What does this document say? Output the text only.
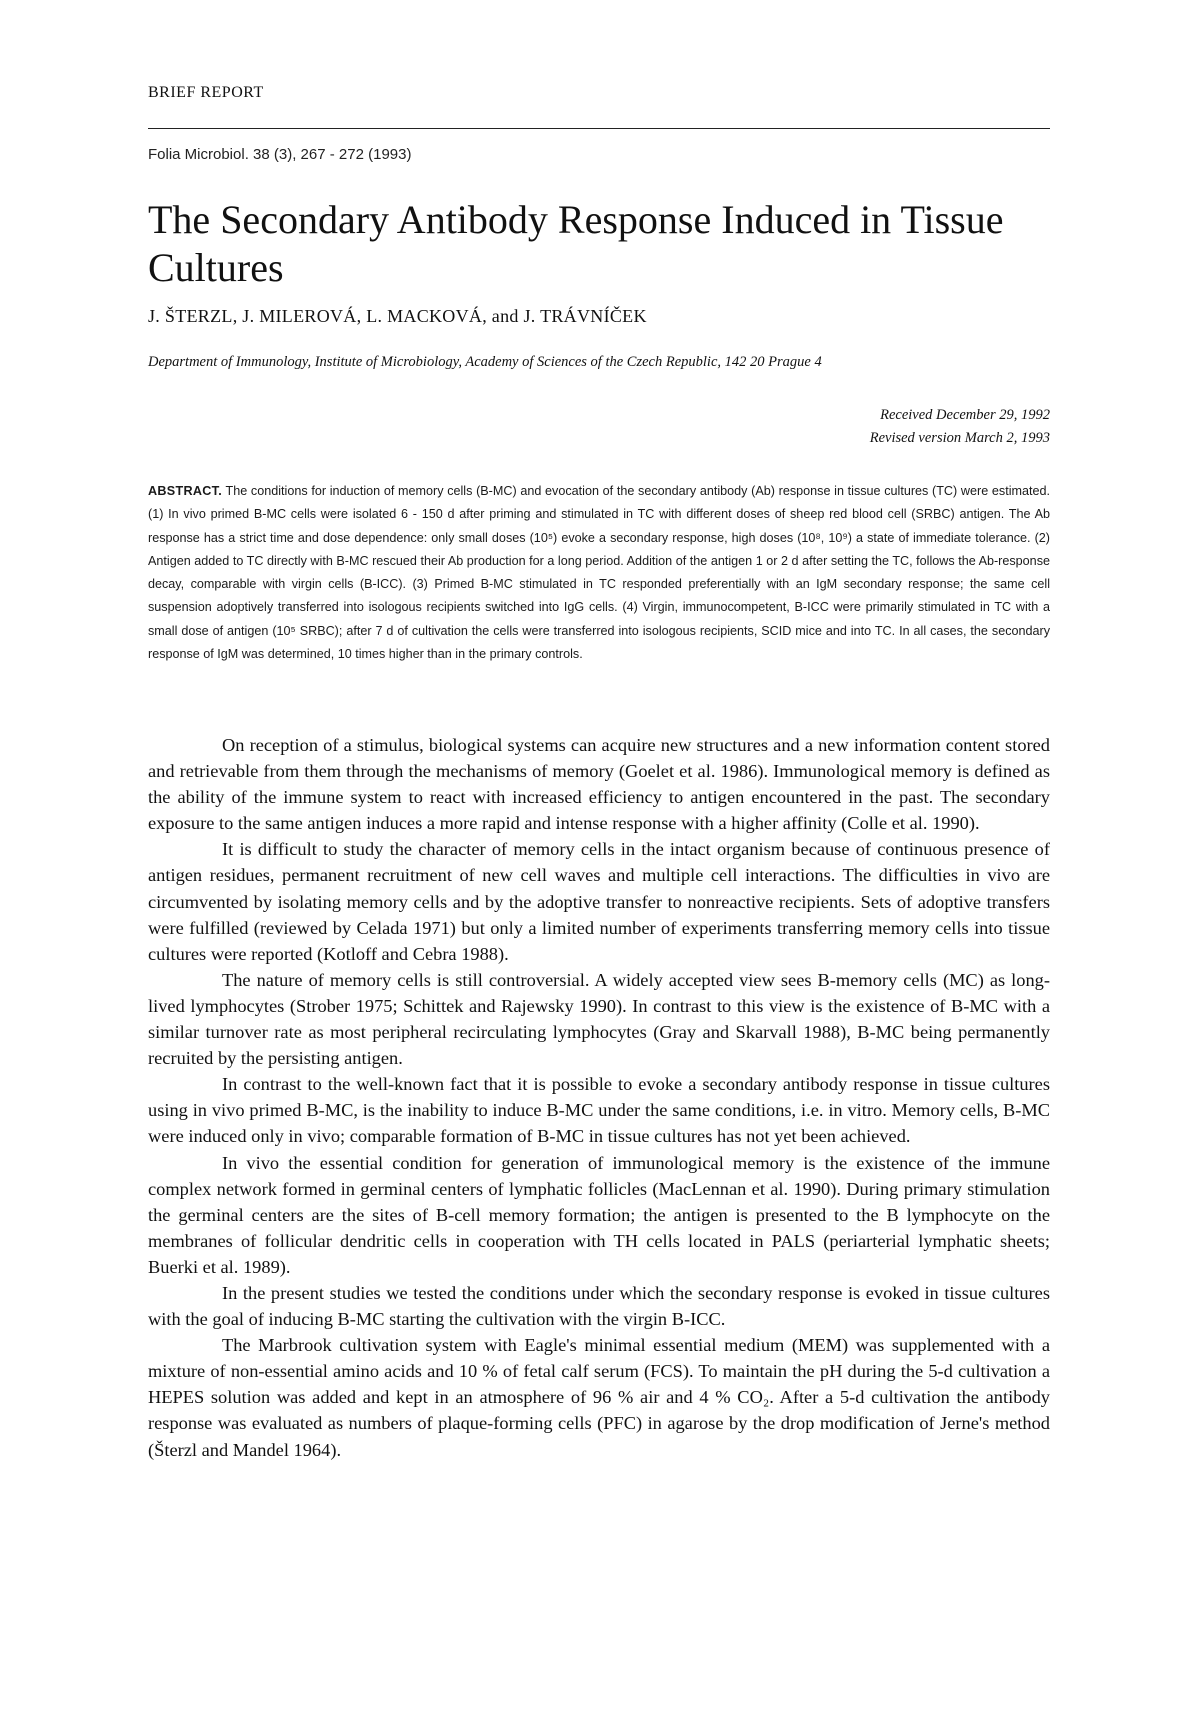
BRIEF REPORT
Folia Microbiol. 38 (3), 267 - 272 (1993)
The Secondary Antibody Response Induced in Tissue Cultures
J. ŠTERZL, J. MILEROVÁ, L. MACKOVÁ, and J. TRÁVNÍČEK
Department of Immunology, Institute of Microbiology, Academy of Sciences of the Czech Republic, 142 20 Prague 4
Received December 29, 1992
Revised version March 2, 1993
ABSTRACT. The conditions for induction of memory cells (B-MC) and evocation of the secondary antibody (Ab) response in tissue cultures (TC) were estimated. (1) In vivo primed B-MC cells were isolated 6 - 150 d after priming and stimulated in TC with different doses of sheep red blood cell (SRBC) antigen. The Ab response has a strict time and dose dependence: only small doses (10⁵) evoke a secondary response, high doses (10⁸, 10⁹) a state of immediate tolerance. (2) Antigen added to TC directly with B-MC rescued their Ab production for a long period. Addition of the antigen 1 or 2 d after setting the TC, follows the Ab-response decay, comparable with virgin cells (B-ICC). (3) Primed B-MC stimulated in TC responded preferentially with an IgM secondary response; the same cell suspension adoptively transferred into isologous recipients switched into IgG cells. (4) Virgin, immunocompetent, B-ICC were primarily stimulated in TC with a small dose of antigen (10⁵ SRBC); after 7 d of cultivation the cells were transferred into isologous recipients, SCID mice and into TC. In all cases, the secondary response of IgM was determined, 10 times higher than in the primary controls.

On reception of a stimulus, biological systems can acquire new structures and a new information content stored and retrievable from them through the mechanisms of memory (Goelet et al. 1986). Immunological memory is defined as the ability of the immune system to react with increased efficiency to antigen encountered in the past. The secondary exposure to the same antigen induces a more rapid and intense response with a higher affinity (Colle et al. 1990).

It is difficult to study the character of memory cells in the intact organism because of continuous presence of antigen residues, permanent recruitment of new cell waves and multiple cell interactions. The difficulties in vivo are circumvented by isolating memory cells and by the adoptive transfer to nonreactive recipients. Sets of adoptive transfers were fulfilled (reviewed by Celada 1971) but only a limited number of experiments transferring memory cells into tissue cultures were reported (Kotloff and Cebra 1988).

The nature of memory cells is still controversial. A widely accepted view sees B-memory cells (MC) as long-lived lymphocytes (Strober 1975; Schittek and Rajewsky 1990). In contrast to this view is the existence of B-MC with a similar turnover rate as most peripheral recirculating lymphocytes (Gray and Skarvall 1988), B-MC being permanently recruited by the persisting antigen.

In contrast to the well-known fact that it is possible to evoke a secondary antibody response in tissue cultures using in vivo primed B-MC, is the inability to induce B-MC under the same conditions, i.e. in vitro. Memory cells, B-MC were induced only in vivo; comparable formation of B-MC in tissue cultures has not yet been achieved.

In vivo the essential condition for generation of immunological memory is the existence of the immune complex network formed in germinal centers of lymphatic follicles (MacLennan et al. 1990). During primary stimulation the germinal centers are the sites of B-cell memory formation; the antigen is presented to the B lymphocyte on the membranes of follicular dendritic cells in cooperation with TH cells located in PALS (periarterial lymphatic sheets; Buerki et al. 1989).

In the present studies we tested the conditions under which the secondary response is evoked in tissue cultures with the goal of inducing B-MC starting the cultivation with the virgin B-ICC.

The Marbrook cultivation system with Eagle's minimal essential medium (MEM) was supplemented with a mixture of non-essential amino acids and 10 % of fetal calf serum (FCS). To maintain the pH during the 5-d cultivation a HEPES solution was added and kept in an atmosphere of 96 % air and 4 % CO₂. After a 5-d cultivation the antibody response was evaluated as numbers of plaque-forming cells (PFC) in agarose by the drop modification of Jerne's method (Šterzl and Mandel 1964).
